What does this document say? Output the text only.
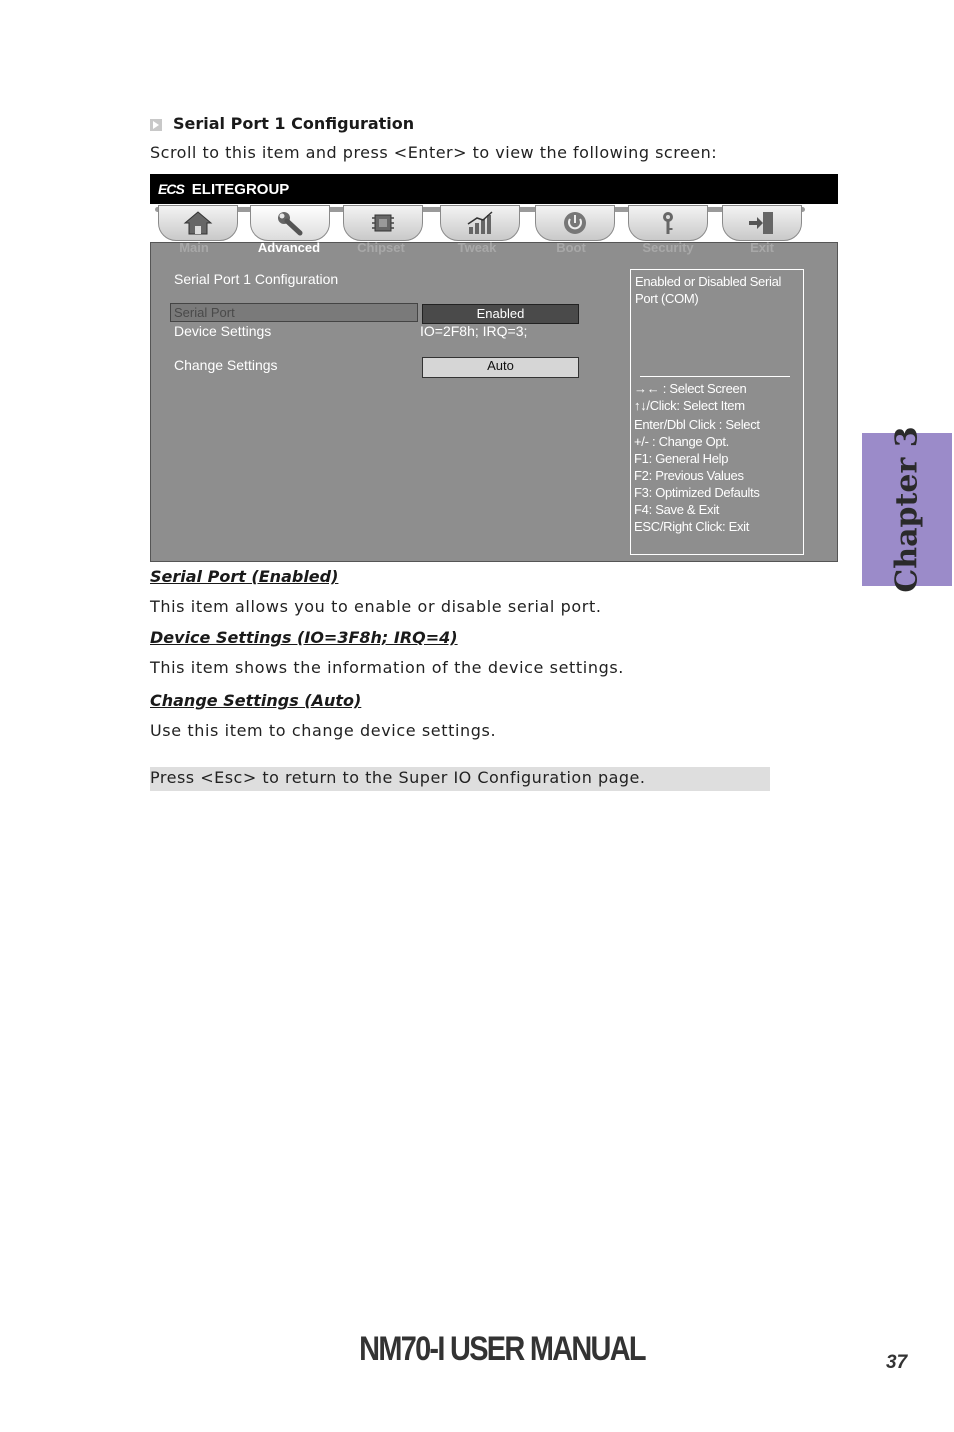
Serial Port 1 Configuration
Scroll to this item and press <Enter> to view the following screen:
ECS ELITEGROUP
Main	Advanced	Chipset	Tweak	Boot	Security	Exit
Serial Port 1 Configuration
Serial Port	Enabled
Device Settings	IO=2F8h; IRQ=3;
Change Settings	Auto
Enabled or Disabled Serial
Port (COM)
→← : Select Screen
↑↓/Click: Select Item
Enter/Dbl Click : Select
+/- : Change Opt.
F1: General Help
F2: Previous Values
F3: Optimized Defaults
F4: Save & Exit
ESC/Right Click: Exit
Serial Port (Enabled)
This item allows you to enable or disable serial port.
Device Settings (IO=3F8h; IRQ=4)
This item shows the information of the device settings.
Change Settings (Auto)
Use this item to change device settings.
Press <Esc> to return to the Super IO Configuration page.
Chapter 3
NM70-I USER MANUAL	37
